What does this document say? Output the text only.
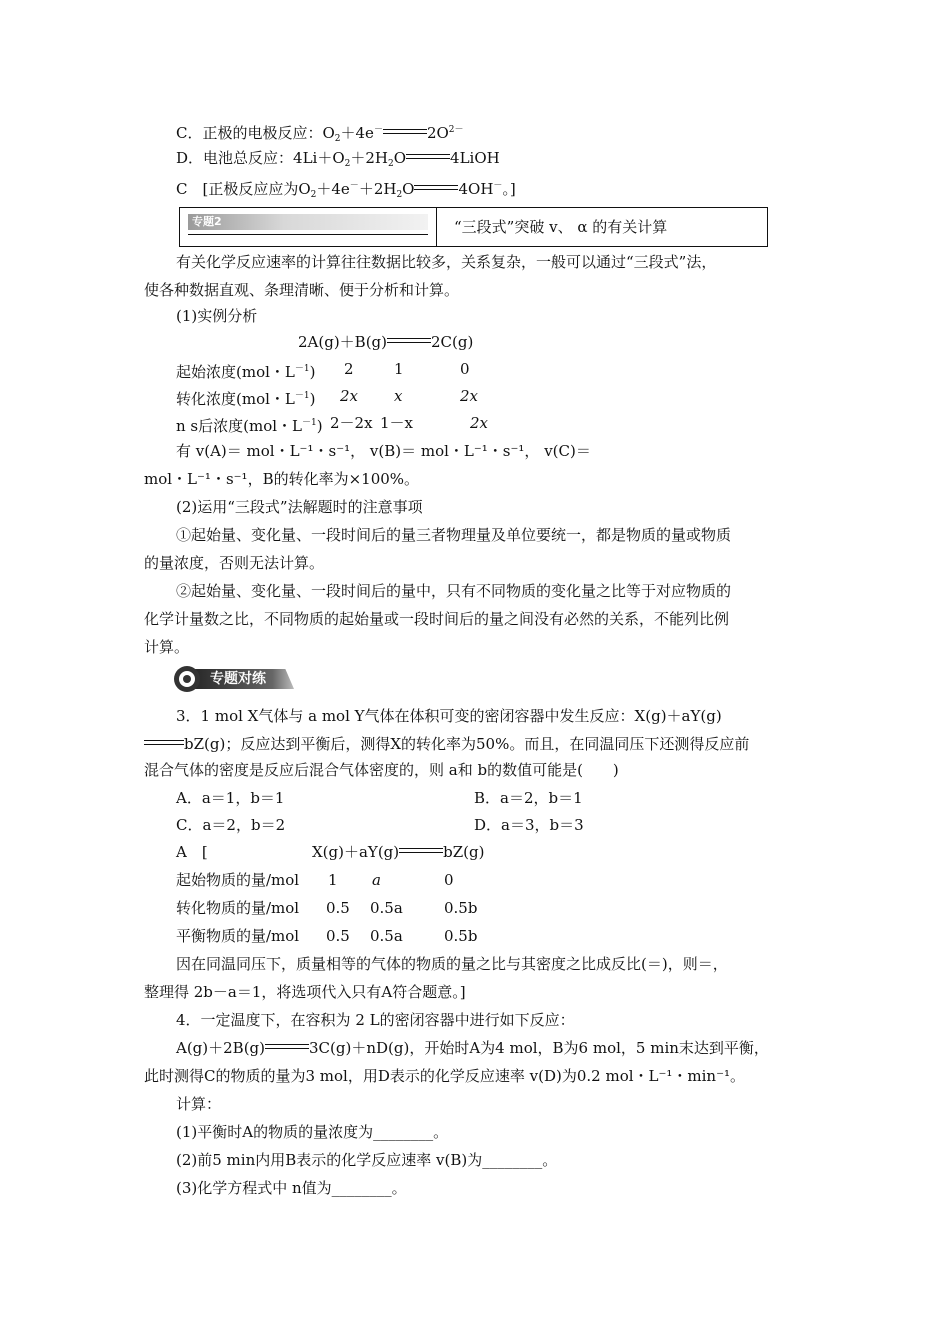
C．正极的电极反应：$O_2+4e^-$	$2O^{2-}$
D．电池总反应：$4Li+O_2+2H_2O$	4LiOH
C　[正极反应应为$O_2+4e^-+2H_2O$	4OH－。]
专题2	“三段式”突破 v、 α 的有关计算
有关化学反应速率的计算往往数据比较多，关系复杂，一般可以通过“三段式”法，
使各种数据直观、条理清晰、便于分析和计算。
(1)实例分析
2A(g)＋B(g)	2C(g)
起始浓度(mol・$L^{-1}$) 2	1	0
转化浓度(mol・$L^{-1}$) 2x x	2x
n s后浓度(mol・$L^{-1}$) 2－2x 1－x	2x
有 v(A)＝ mol・L⁻¹・s⁻¹， v(B)＝ mol・L⁻¹・s⁻¹， v(C)＝
mol・L⁻¹・s⁻¹，B的转化率为×100%。
(2)运用“三段式”法解题时的注意事项
①起始量、变化量、一段时间后的量三者物理量及单位要统一，都是物质的量或物质
的量浓度，否则无法计算。
②起始量、变化量、一段时间后的量中，只有不同物质的变化量之比等于对应物质的
化学计量数之比，不同物质的起始量或一段时间后的量之间没有必然的关系，不能列比例
计算。
专题对练
3．1 mol X气体与 a mol Y气体在体积可变的密闭容器中发生反应：X(g)＋aY(g)
bZ(g)；反应达到平衡后，测得X的转化率为50%。而且，在同温同压下还测得反应前
混合气体的密度是反应后混合气体密度的，则 a和 b的数值可能是(　　)
A．a＝1，b＝1	B．a＝2，b＝1
C．a＝2，b＝2	D．a＝3，b＝3
A　[	X(g)＋aY(g)	bZ(g)
起始物质的量/mol 1 a	0
转化物质的量/mol 0.5 0.5a	0.5b
平衡物质的量/mol 0.5 0.5a	0.5b
因在同温同压下，质量相等的气体的物质的量之比与其密度之比成反比(＝)，则＝，
整理得 2b－a＝1，将选项代入只有A符合题意。]
4．一定温度下，在容积为 2 L的密闭容器中进行如下反应：
A(g)＋2B(g)	3C(g)＋nD(g)，开始时A为4 mol，B为6 mol，5 min末达到平衡，
此时测得C的物质的量为3 mol，用D表示的化学反应速率 v(D)为0.2 mol・L⁻¹・min⁻¹。
计算：
(1)平衡时A的物质的量浓度为________。
(2)前5 min内用B表示的化学反应速率 v(B)为________。
(3)化学方程式中 n值为________。
